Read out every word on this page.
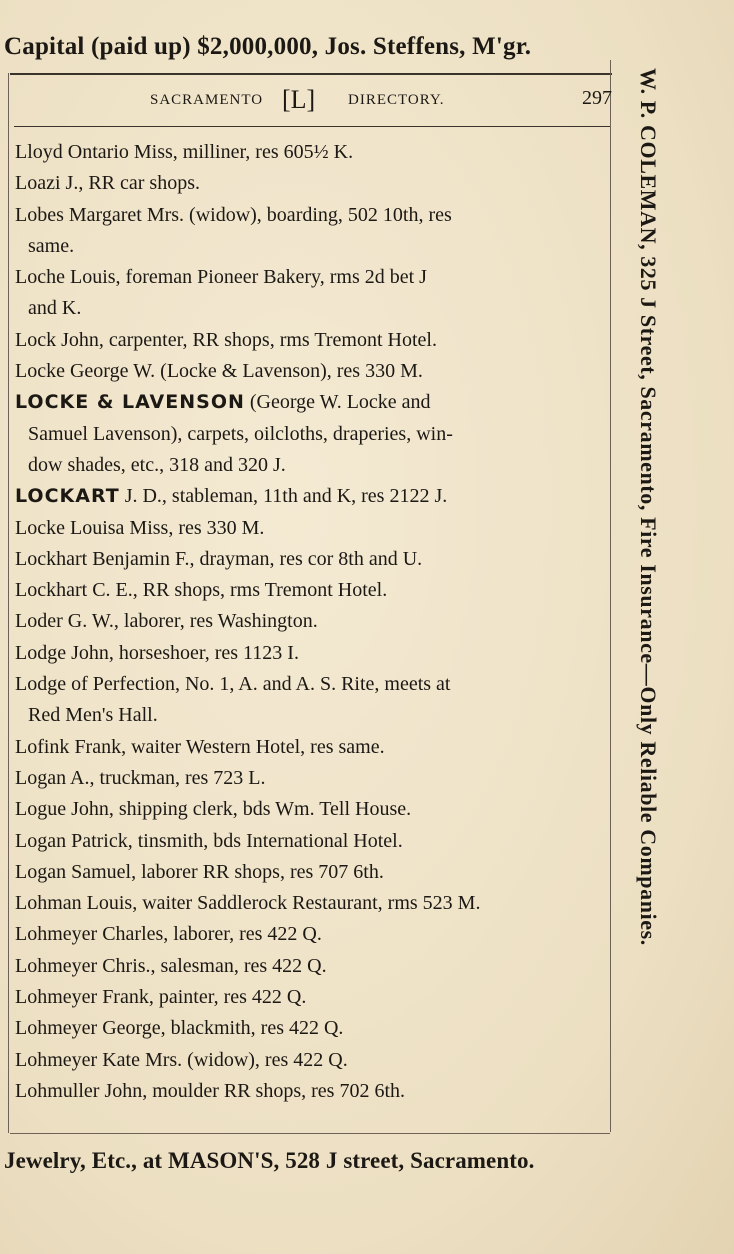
Capital (paid up) $2,000,000, Jos. Steffens, M'gr.
SACRAMENTO [L] DIRECTORY.	297
Lloyd Ontario Miss, milliner, res 605½ K.
Loazi J., RR car shops.
Lobes Margaret Mrs. (widow), boarding, 502 10th, res
same.
Loche Louis, foreman Pioneer Bakery, rms 2d bet J
and K.
Lock John, carpenter, RR shops, rms Tremont Hotel.
Locke George W. (Locke & Lavenson), res 330 M.
LOCKE & LAVENSON (George W. Locke and
Samuel Lavenson), carpets, oilcloths, draperies, win-
dow shades, etc., 318 and 320 J.
LOCKART J. D., stableman, 11th and K, res 2122 J.
Locke Louisa Miss, res 330 M.
Lockhart Benjamin F., drayman, res cor 8th and U.
Lockhart C. E., RR shops, rms Tremont Hotel.
Loder G. W., laborer, res Washington.
Lodge John, horseshoer, res 1123 I.
Lodge of Perfection, No. 1, A. and A. S. Rite, meets at
Red Men's Hall.
Lofink Frank, waiter Western Hotel, res same.
Logan A., truckman, res 723 L.
Logue John, shipping clerk, bds Wm. Tell House.
Logan Patrick, tinsmith, bds International Hotel.
Logan Samuel, laborer RR shops, res 707 6th.
Lohman Louis, waiter Saddlerock Restaurant, rms 523 M.
Lohmeyer Charles, laborer, res 422 Q.
Lohmeyer Chris., salesman, res 422 Q.
Lohmeyer Frank, painter, res 422 Q.
Lohmeyer George, blackmith, res 422 Q.
Lohmeyer Kate Mrs. (widow), res 422 Q.
Lohmuller John, moulder RR shops, res 702 6th.
W. P. COLEMAN, 325 J Street, Sacramento, Fire Insurance—Only Reliable Companies.
Jewelry, Etc., at MASON'S, 528 J street, Sacramento.
